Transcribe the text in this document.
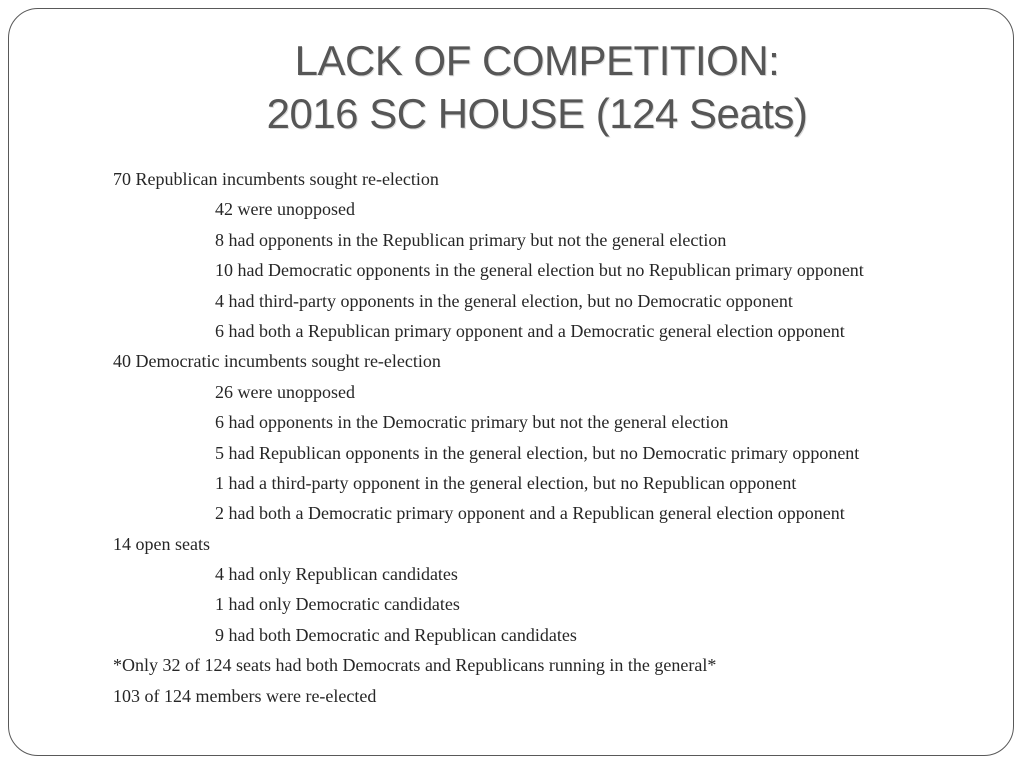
LACK OF COMPETITION:
2016 SC HOUSE (124 Seats)
70 Republican incumbents sought re-election
42 were unopposed
8 had opponents in the Republican primary but not the general election
10 had Democratic opponents in the general election but no Republican primary opponent
4 had third-party opponents in the general election, but no Democratic opponent
6 had both a Republican primary opponent and a Democratic general election opponent
40 Democratic incumbents sought re-election
26 were unopposed
6 had opponents in the Democratic primary but not the general election
5 had Republican opponents in the general election, but no Democratic primary opponent
1 had a third-party opponent in the general election, but no Republican opponent
2 had both a Democratic primary opponent and a Republican general election opponent
14 open seats
4 had only Republican candidates
1 had only Democratic candidates
9 had both Democratic and Republican candidates
*Only 32 of 124 seats had both Democrats and Republicans running in the general*
103 of 124 members were re-elected
